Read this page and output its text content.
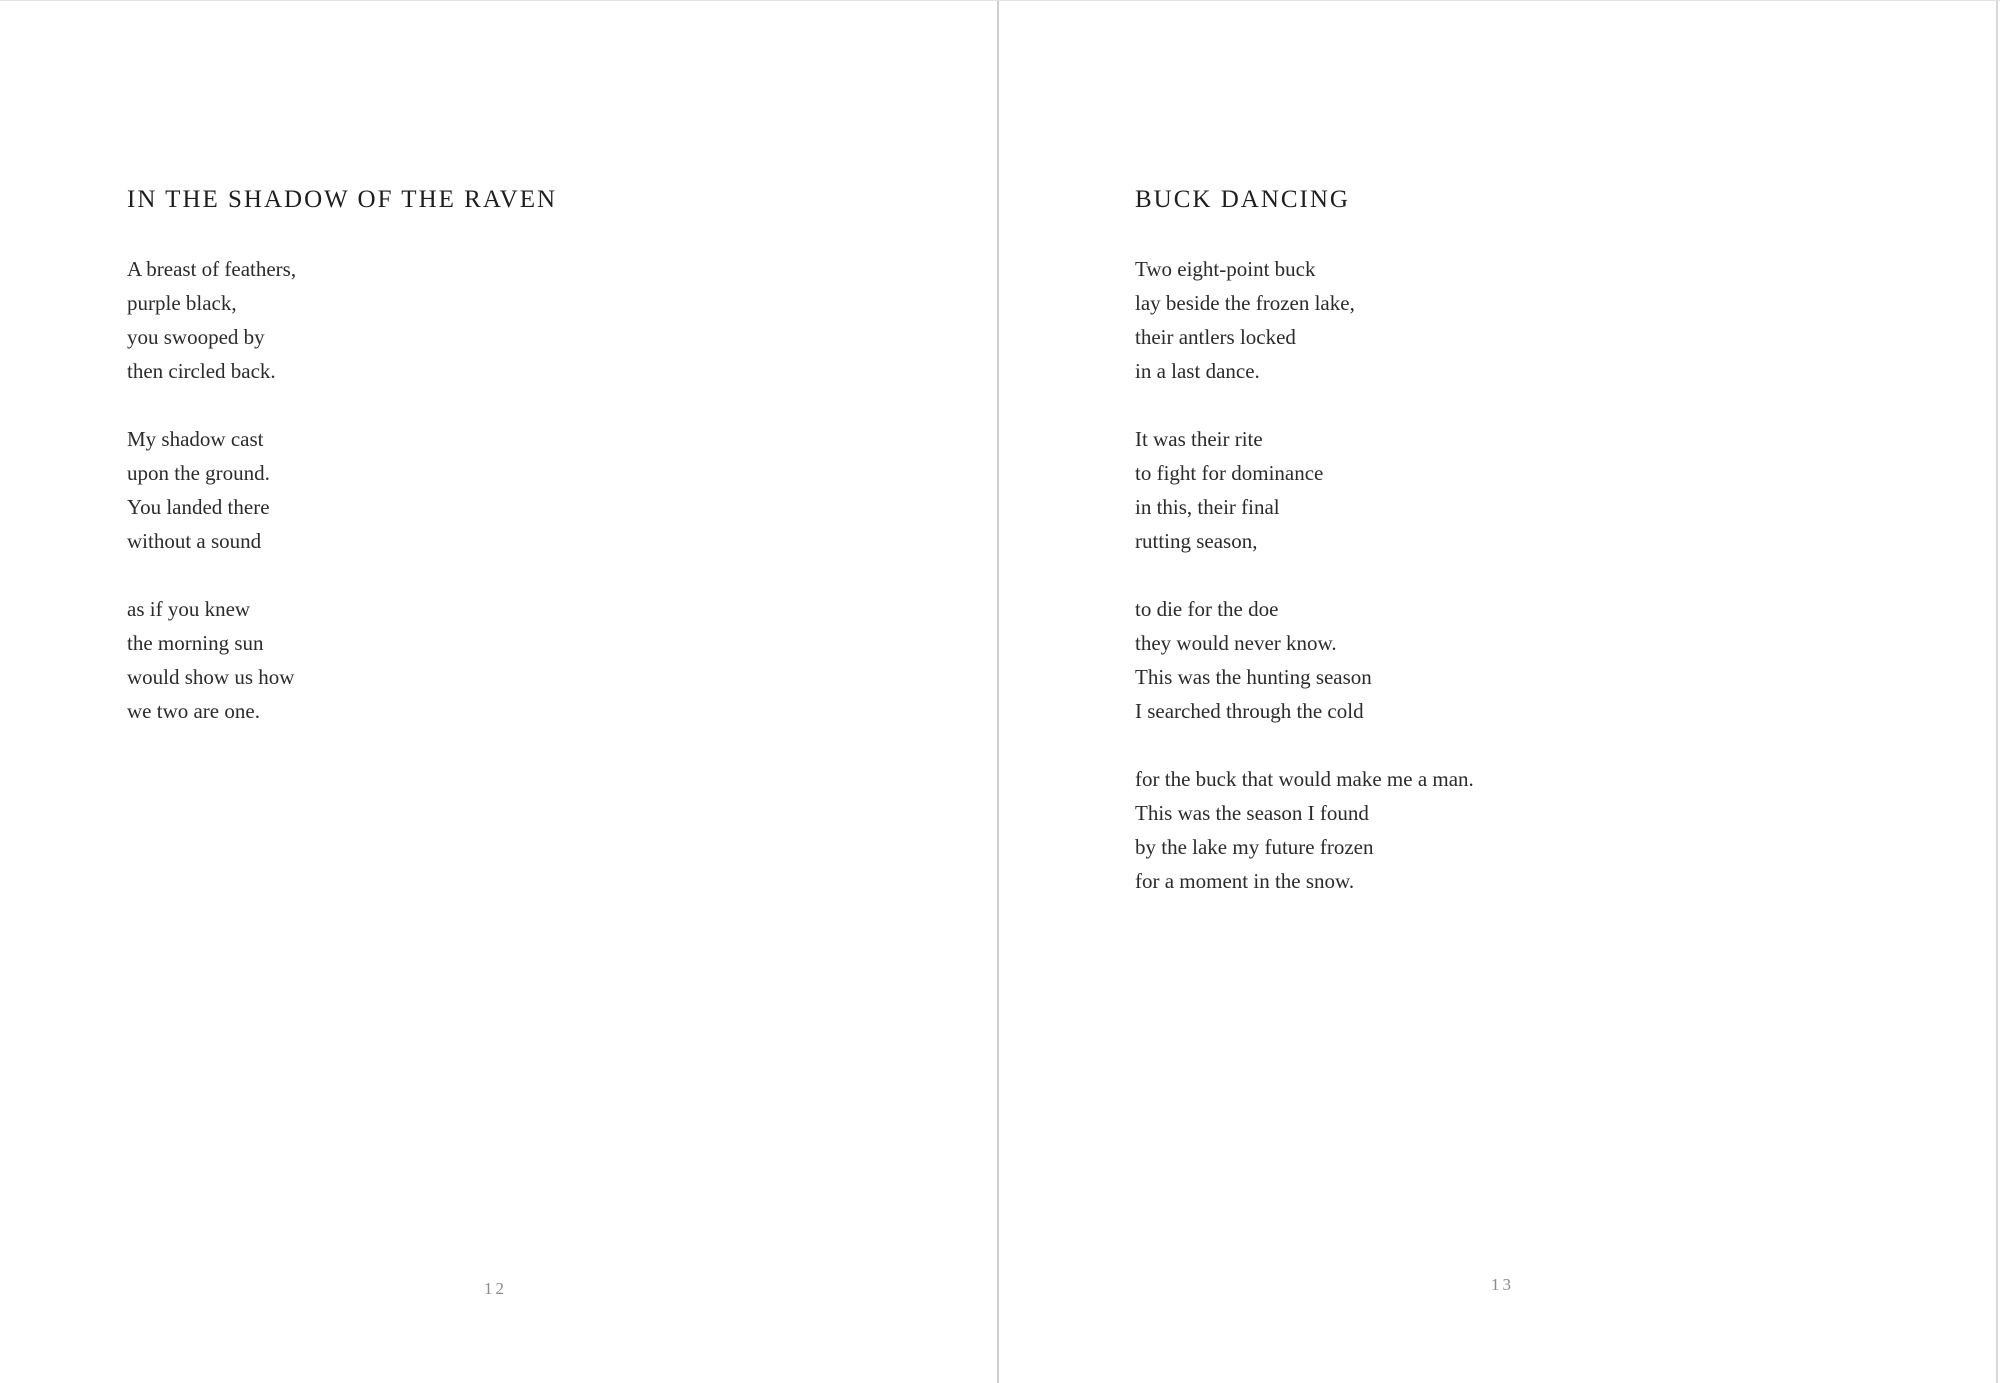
IN THE SHADOW OF THE RAVEN
A breast of feathers,
purple black,
you swooped by
then circled back.
My shadow cast
upon the ground.
You landed there
without a sound
as if you knew
the morning sun
would show us how
we two are one.
12
BUCK DANCING
Two eight-point buck
lay beside the frozen lake,
their antlers locked
in a last dance.
It was their rite
to fight for dominance
in this, their final
rutting season,
to die for the doe
they would never know.
This was the hunting season
I searched through the cold
for the buck that would make me a man.
This was the season I found
by the lake my future frozen
for a moment in the snow.
13
